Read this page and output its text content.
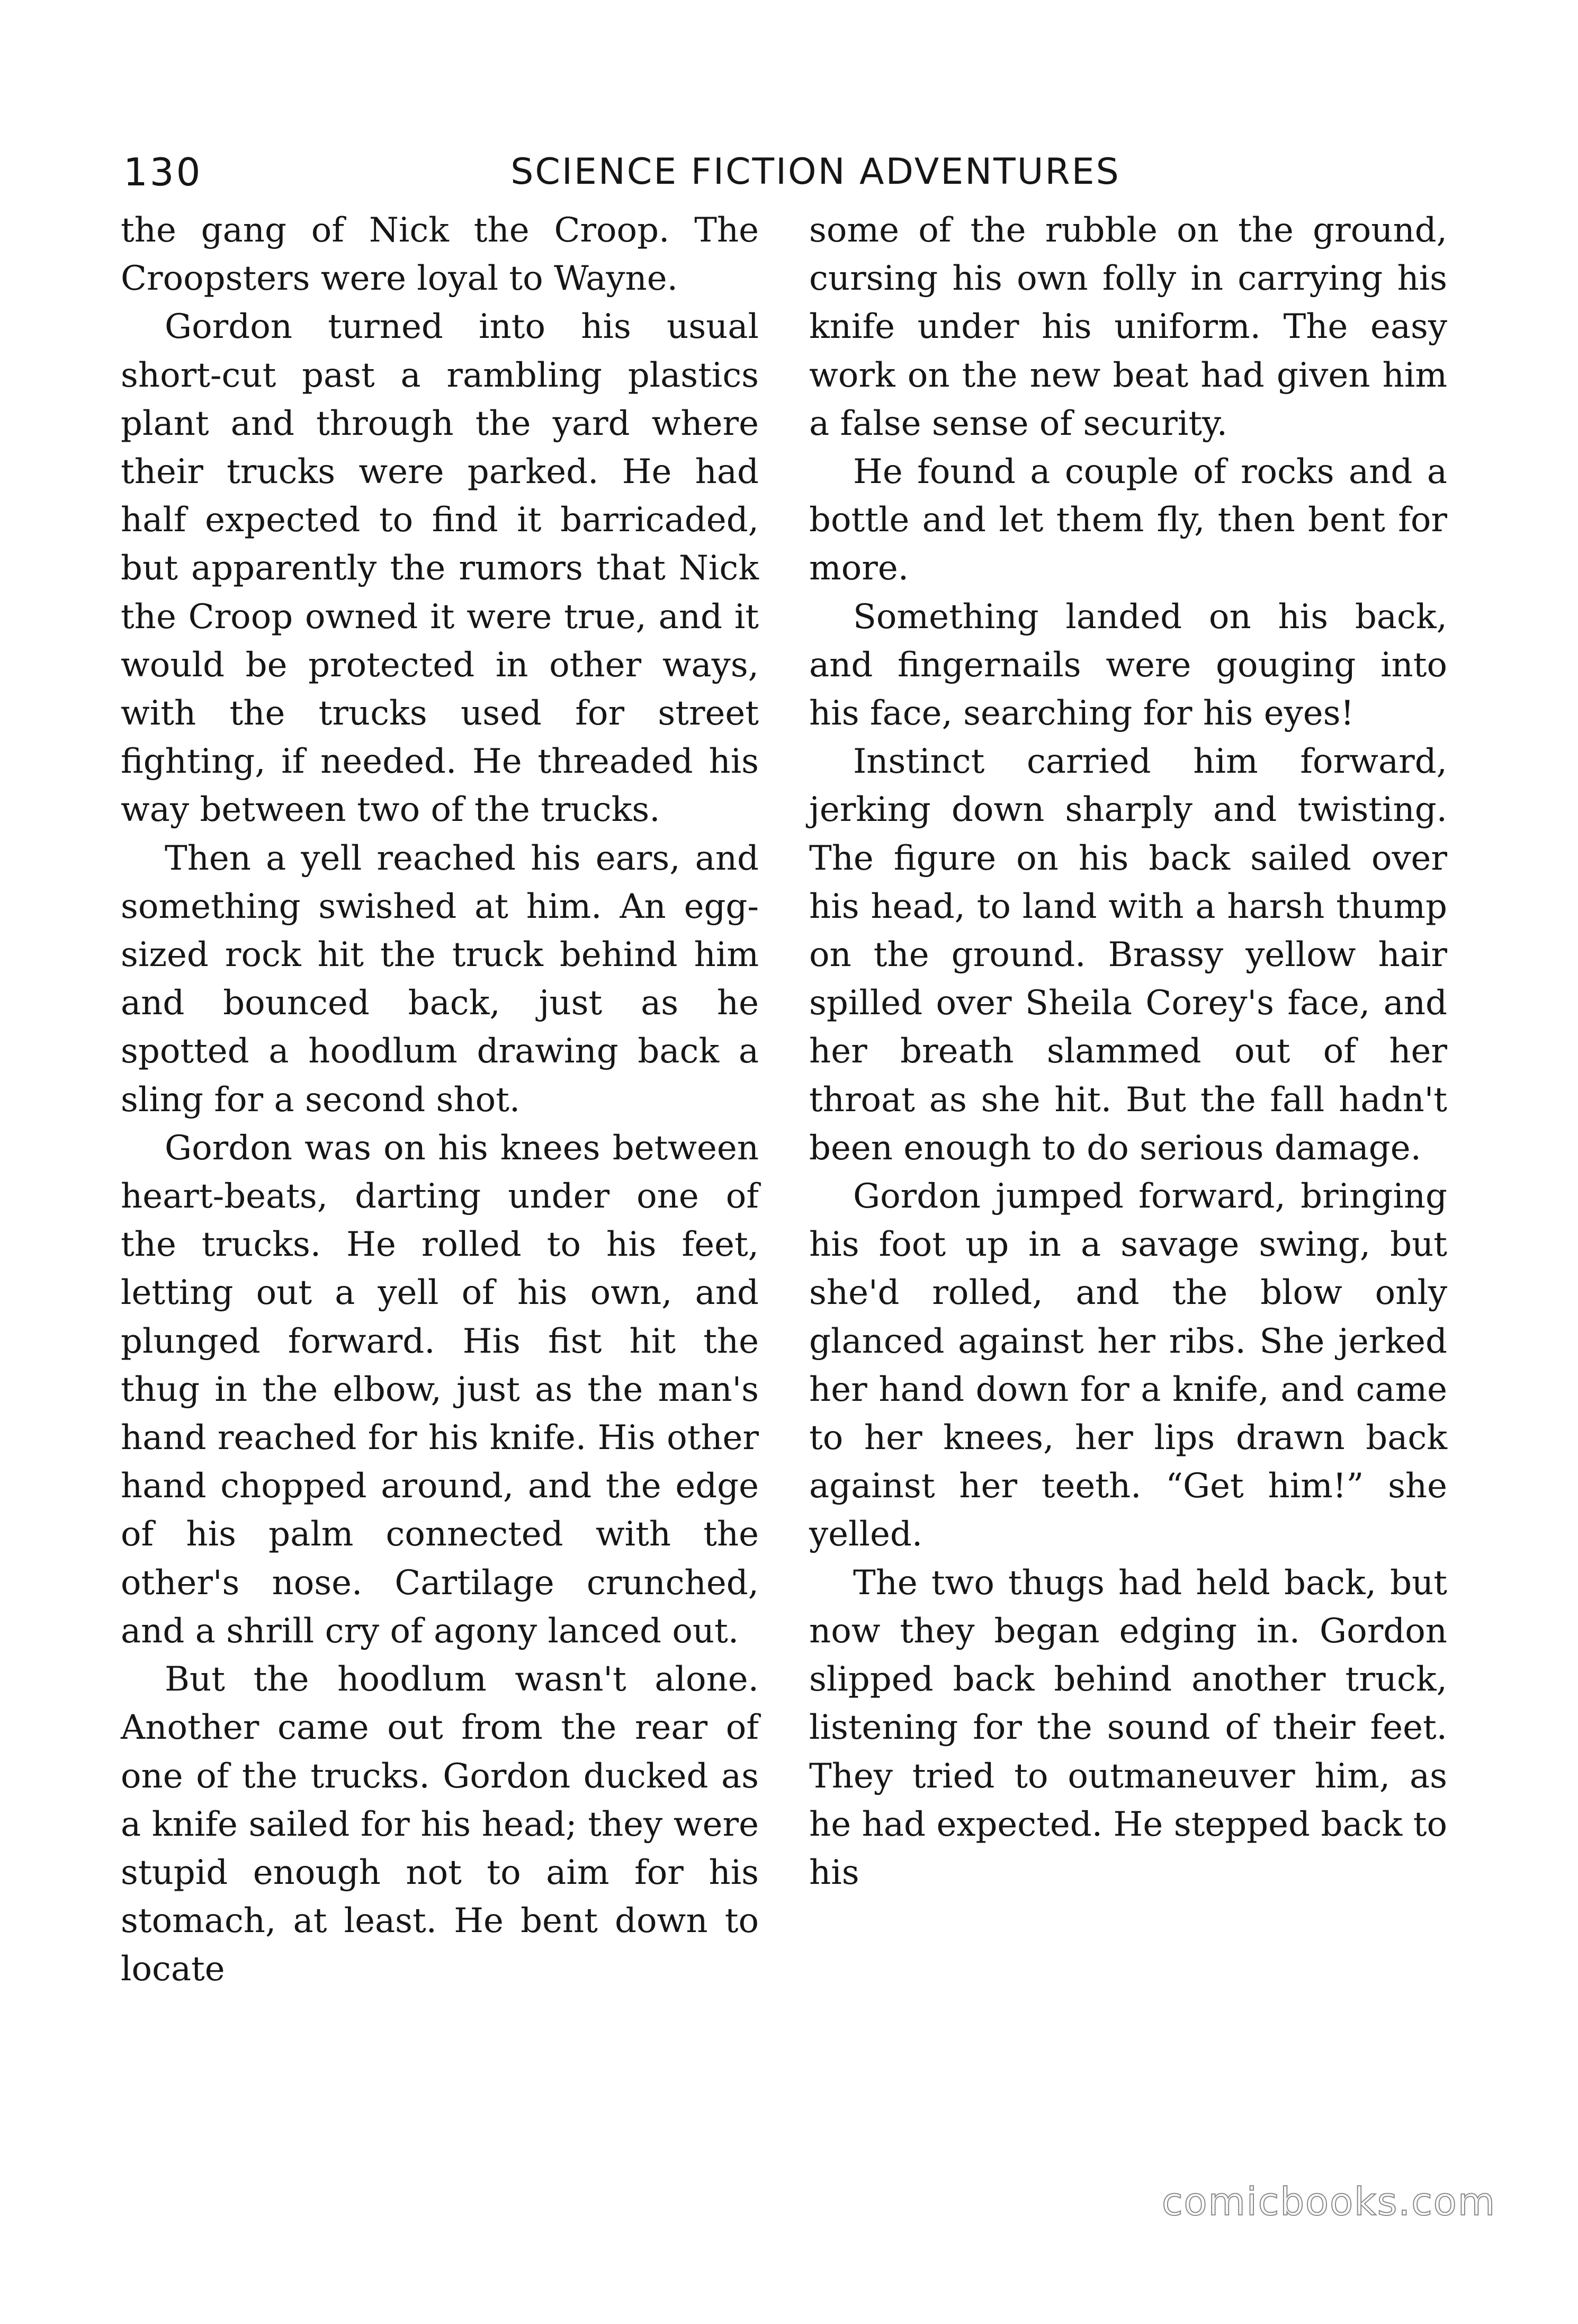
130	SCIENCE FICTION ADVENTURES

the gang of Nick the Croop. The Croopsters were loyal to Wayne.

Gordon turned into his usual short-cut past a rambling plastics plant and through the yard where their trucks were parked. He had half expected to find it barricaded, but apparently the rumors that Nick the Croop owned it were true, and it would be protected in other ways, with the trucks used for street fighting, if needed. He threaded his way between two of the trucks.

Then a yell reached his ears, and something swished at him. An egg-sized rock hit the truck behind him and bounced back, just as he spotted a hoodlum drawing back a sling for a second shot.

Gordon was on his knees between heart-beats, darting under one of the trucks. He rolled to his feet, letting out a yell of his own, and plunged forward. His fist hit the thug in the elbow, just as the man's hand reached for his knife. His other hand chopped around, and the edge of his palm connected with the other's nose. Cartilage crunched, and a shrill cry of agony lanced out.

But the hoodlum wasn't alone. Another came out from the rear of one of the trucks. Gordon ducked as a knife sailed for his head; they were stupid enough not to aim for his stomach, at least. He bent down to locate

some of the rubble on the ground, cursing his own folly in carrying his knife under his uniform. The easy work on the new beat had given him a false sense of security.

He found a couple of rocks and a bottle and let them fly, then bent for more.

Something landed on his back, and fingernails were gouging into his face, searching for his eyes!

Instinct carried him forward, jerking down sharply and twisting. The figure on his back sailed over his head, to land with a harsh thump on the ground. Brassy yellow hair spilled over Sheila Corey's face, and her breath slammed out of her throat as she hit. But the fall hadn't been enough to do serious damage.

Gordon jumped forward, bringing his foot up in a savage swing, but she'd rolled, and the blow only glanced against her ribs. She jerked her hand down for a knife, and came to her knees, her lips drawn back against her teeth. “Get him!” she yelled.

The two thugs had held back, but now they began edging in. Gordon slipped back behind another truck, listening for the sound of their feet. They tried to outmaneuver him, as he had expected. He stepped back to his

comicbooks.com
